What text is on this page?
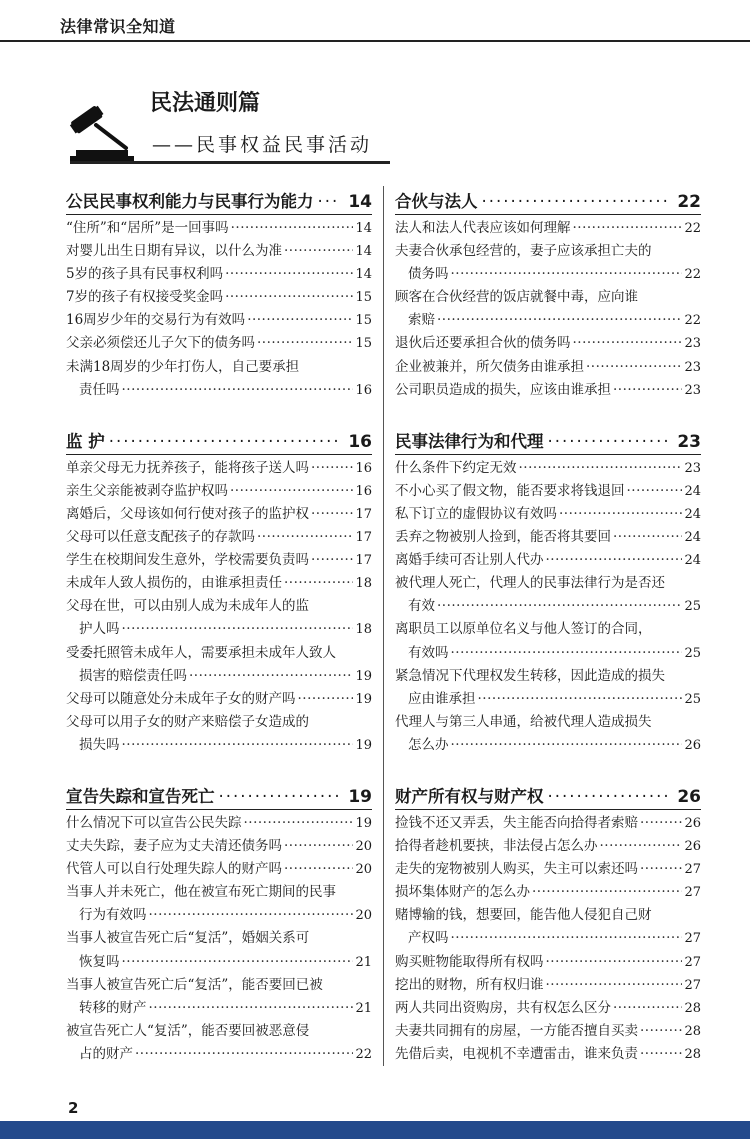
法律常识全知道
民法通则篇
——民事权益民事活动
公民民事权利能力与民事行为能力 ····· 14
“住所”和“居所”是一回事吗 ·····	14
对婴儿出生日期有异议，以什么为准 ·····	14
5岁的孩子具有民事权利吗 ·····	14
7岁的孩子有权接受奖金吗 ·····	15
16周岁少年的交易行为有效吗 ·····	15
父亲必须偿还儿子欠下的债务吗 ·····	15
未满18周岁的少年打伤人，自己要承担
责任吗 ·····	16
监 护 ·····	16
单亲父母无力抚养孩子，能将孩子送人吗 ·····	16
亲生父亲能被剥夺监护权吗 ·····	16
离婚后，父母该如何行使对孩子的监护权 ·····	17
父母可以任意支配孩子的存款吗 ·····	17
学生在校期间发生意外，学校需要负责吗 ·····	17
未成年人致人损伤的，由谁承担责任 ·····	18
父母在世，可以由别人成为未成年人的监
护人吗 ·····	18
受委托照管未成年人，需要承担未成年人致人
损害的赔偿责任吗 ·····	19
父母可以随意处分未成年子女的财产吗 ·····	19
父母可以用子女的财产来赔偿子女造成的
损失吗 ·····	19
宣告失踪和宣告死亡 ·····	19
什么情况下可以宣告公民失踪 ·····	19
丈夫失踪，妻子应为丈夫清还债务吗 ·····	20
代管人可以自行处理失踪人的财产吗 ·····	20
当事人并未死亡，他在被宣布死亡期间的民事
行为有效吗 ·····	20
当事人被宣告死亡后“复活”，婚姻关系可
恢复吗 ·····	21
当事人被宣告死亡后“复活”，能否要回已被
转移的财产 ·····	21
被宣告死亡人“复活”，能否要回被恶意侵
占的财产 ·····	22
合伙与法人 ·····	22
法人和法人代表应该如何理解 ·····	22
夫妻合伙承包经营的，妻子应该承担亡夫的
债务吗 ·····	22
顾客在合伙经营的饭店就餐中毒，应向谁
索赔 ·····	22
退伙后还要承担合伙的债务吗 ·····	23
企业被兼并，所欠债务由谁承担 ·····	23
公司职员造成的损失，应该由谁承担 ·····	23
民事法律行为和代理 ·····	23
什么条件下约定无效 ·····	23
不小心买了假文物，能否要求将钱退回 ·····	24
私下订立的虚假协议有效吗 ·····	24
丢弃之物被别人捡到，能否将其要回 ·····	24
离婚手续可否让别人代办 ·····	24
被代理人死亡，代理人的民事法律行为是否还
有效 ·····	25
离职员工以原单位名义与他人签订的合同，
有效吗 ·····	25
紧急情况下代理权发生转移，因此造成的损失
应由谁承担 ·····	25
代理人与第三人串通，给被代理人造成损失
怎么办 ·····	26
财产所有权与财产权 ·····	26
捡钱不还又弄丢，失主能否向拾得者索赔 ·····	26
拾得者趁机要挟，非法侵占怎么办 ·····	26
走失的宠物被别人购买，失主可以索还吗 ·····	27
损坏集体财产的怎么办 ·····	27
赌博输的钱，想要回，能告他人侵犯自己财
产权吗 ·····	27
购买赃物能取得所有权吗 ·····	27
挖出的财物，所有权归谁 ·····	27
两人共同出资购房，共有权怎么区分 ·····	28
夫妻共同拥有的房屋，一方能否擅自买卖 ·····	28
先借后卖，电视机不幸遭雷击，谁来负责 ·····	28
2
